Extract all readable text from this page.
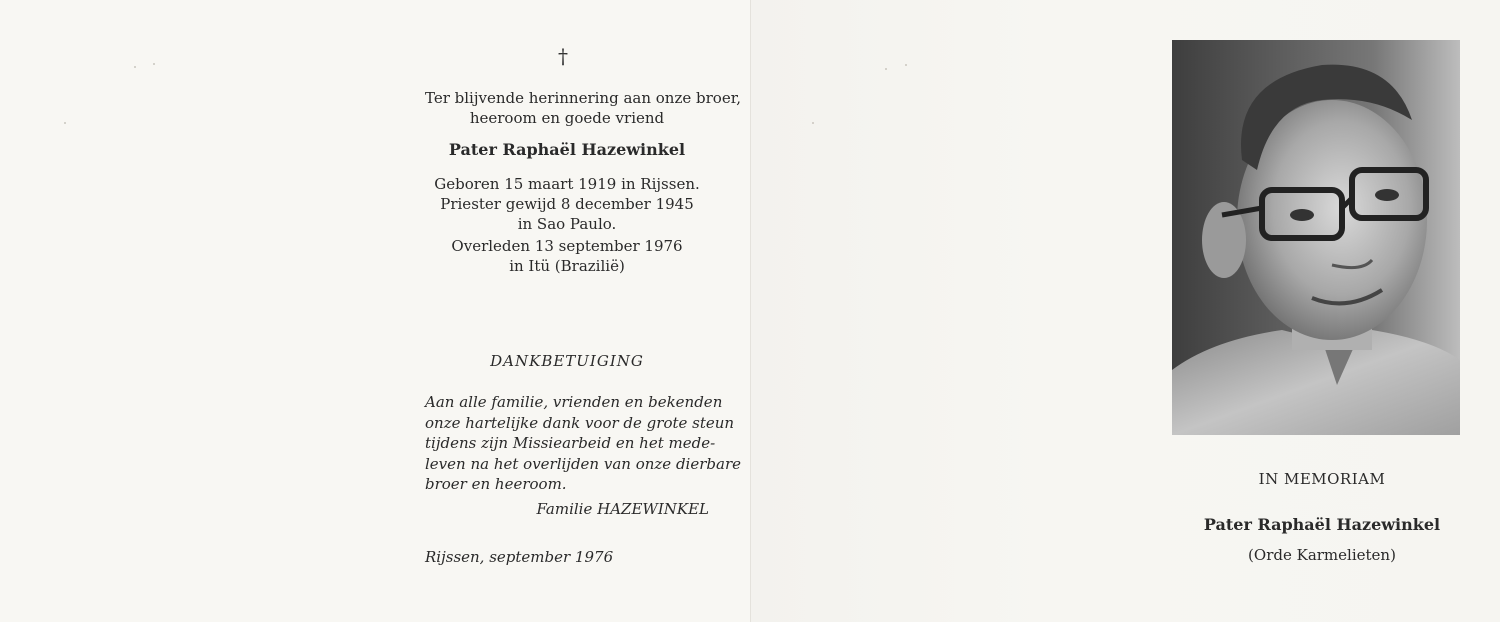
†
Ter blijvende herinnering aan onze broer,
heeroom en goede vriend
Pater Raphaël Hazewinkel
Geboren 15 maart 1919 in Rijssen.
Priester gewijd 8 december 1945
in Sao Paulo.
Overleden 13 september 1976
in Itü (Brazilië)
DANKBETUIGING
Aan alle familie, vrienden en bekenden
onze hartelijke dank voor de grote steun
tijdens zijn Missiearbeid en het mede-
leven na het overlijden van onze dierbare
broer en heeroom.
Familie HAZEWINKEL
Rijssen, september 1976
IN MEMORIAM
Pater Raphaël Hazewinkel
(Orde Karmelieten)
